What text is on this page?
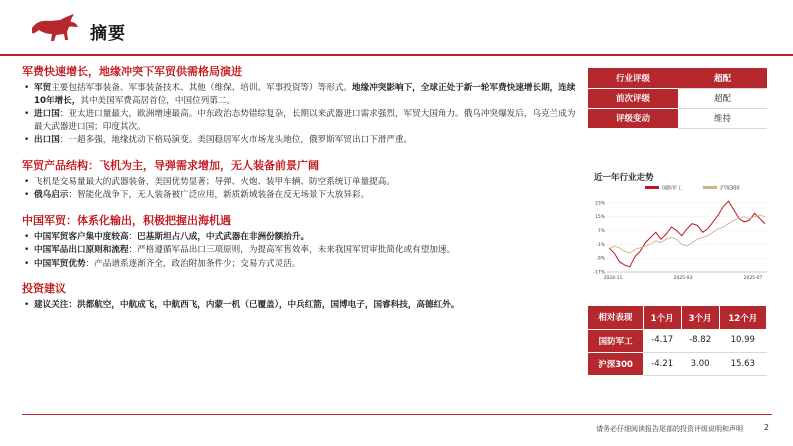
摘要
军费快速增长，地缘冲突下军贸供需格局演进
• 军贸主要包括军事装备、军事装备技术、其他（维保、培训、军事投资等）等形式。地缘冲突影响下，全球正处于新一轮军费快速增长期，连续10年增长，其中美国军费高居首位，中国位列第二。
• 进口国：亚太进口量最大，欧洲增速最高。中东政治态势错综复杂，长期以来武器进口需求强烈，军贸大国角力。俄乌冲突爆发后，乌克兰成为最大武器进口国；印度其次。
• 出口国：一超多强，地缘扰动下格局演变。美国稳居军火市场龙头地位，俄罗斯军贸出口下滑严重。
军贸产品结构：飞机为主，导弹需求增加，无人装备前景广阔
• 飞机是交易量最大的武器装备，美国优势显著；导弹、火炮、装甲车辆、防空系统订单量提高。
• 俄乌启示：智能化战争下，无人装备被广泛应用，新质新域装备在反无场景下大放异彩。
中国军贸：体系化输出，积极把握出海机遇
• 中国军贸客户集中度较高：巴基斯坦占八成，中式武器在非洲份额抬升。
• 中国军品出口原则和流程：严格遵循军品出口三项原则，为提高军售效率，未来我国军贸审批简化或有望加速。
• 中国军贸优势：产品谱系逐渐齐全，政治附加条件少；交易方式灵活。
投资建议
• 建议关注：洪都航空，中航成飞，中航西飞，内蒙一机（已覆盖），中兵红箭，国博电子，国睿科技，高德红外。
行业评级	超配
前次评级	超配
评级变动	维持
近一年行业走势
国防军工	沪深300
-17%
-9%
-1%
7%
15%
23%
2024-11	2025-03	2025-07
相对表现	1个月	3个月	12个月
国防军工	-4.17	-8.82	10.99
沪深300	-4.21	3.00	15.63
请务必仔细阅读报告尾部的投资评级说明和声明	2
